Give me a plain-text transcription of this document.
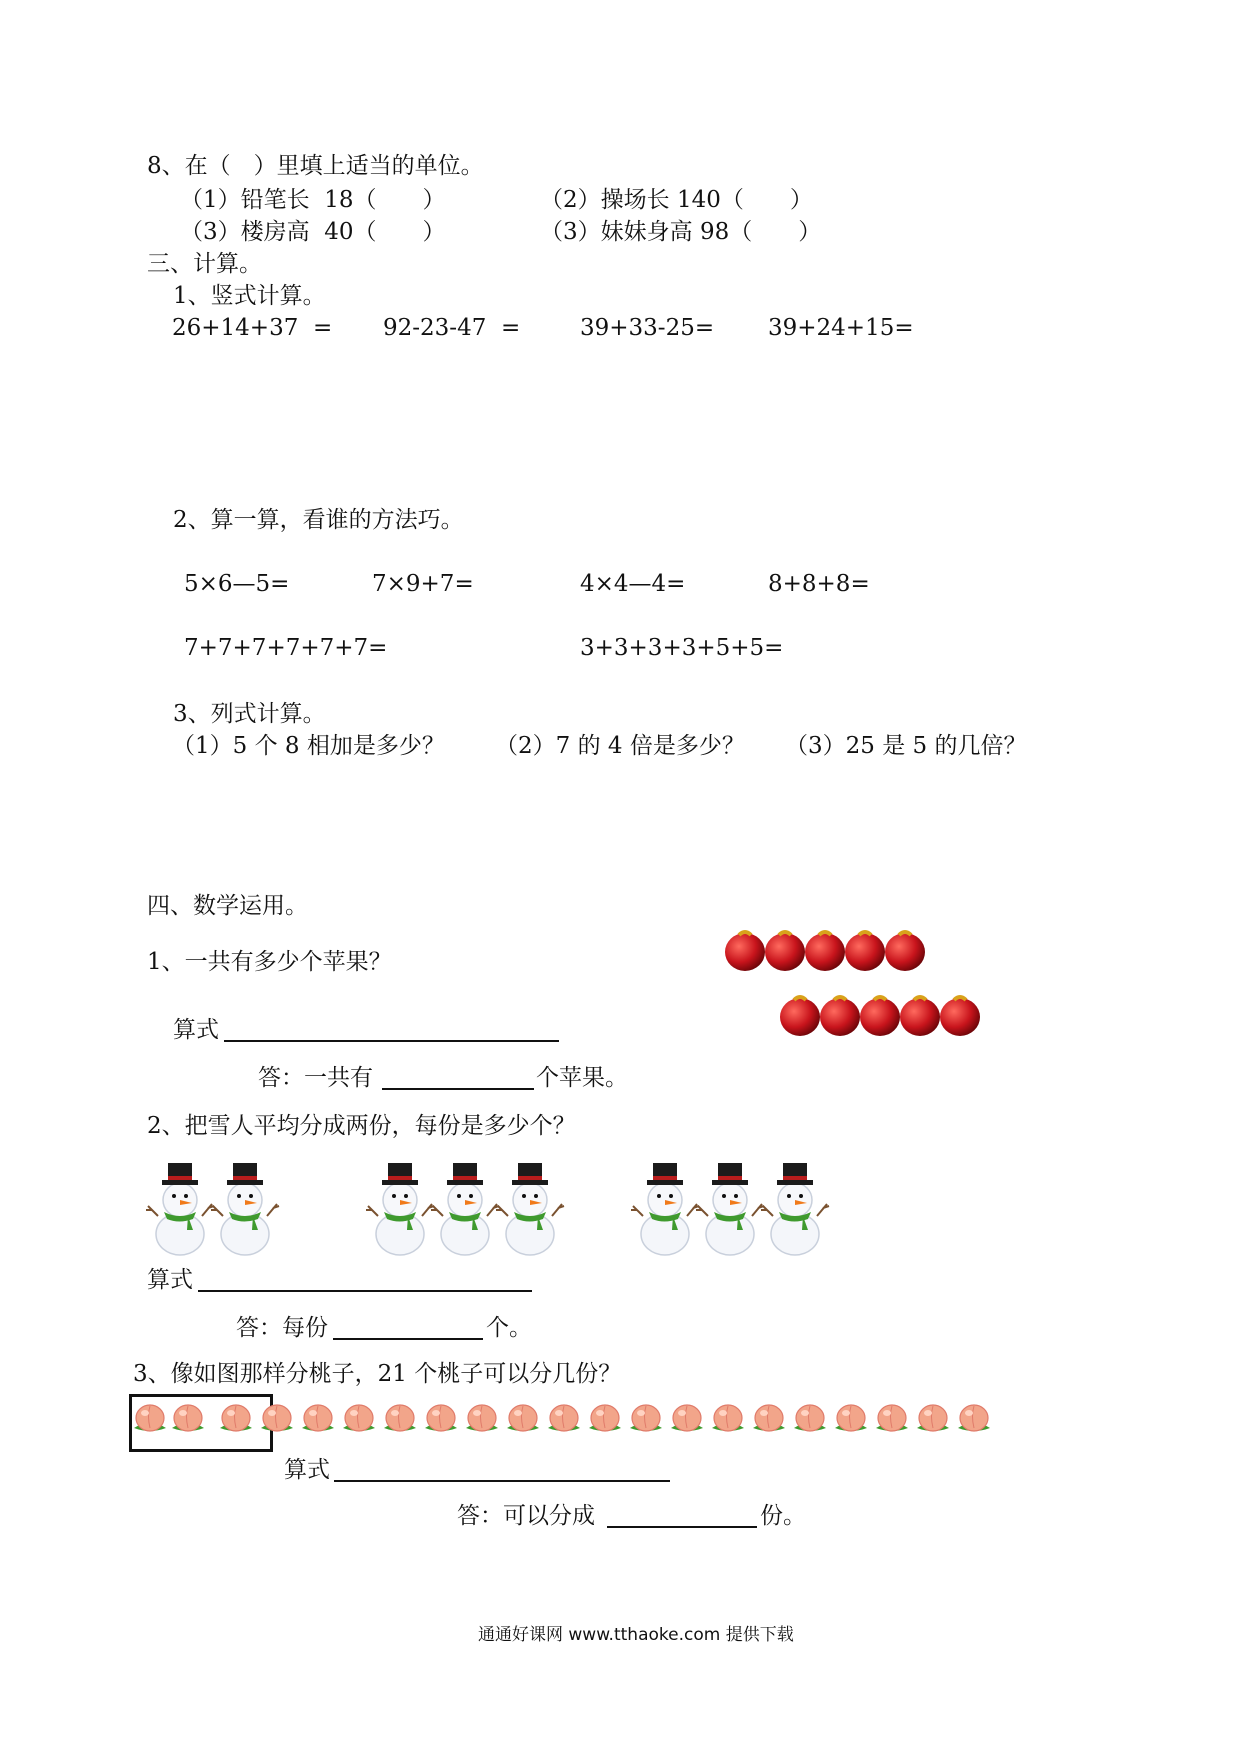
8、在（　）里填上适当的单位。
（1）铅笔长  18（　　）	（2）操场长 140（　　）
（3）楼房高  40（　　）	（3）妹妹身高 98（　　）
三、计算。
1、竖式计算。
26+14+37  = 92-23-47  =	39+33-25= 39+24+15=
2、算一算，看谁的方法巧。
5×6—5=	7×9+7=	4×4—4=	8+8+8=
7+7+7+7+7+7=	3+3+3+3+5+5=
3、列式计算。
（1）5 个 8 相加是多少？ （2）7 的 4 倍是多少？ （3）25 是 5 的几倍？
四、数学运用。
1、一共有多少个苹果？
算式
答：一共有	个苹果。
2、把雪人平均分成两份，每份是多少个？
算式
答：每份	个。
3、像如图那样分桃子，21 个桃子可以分几份？
算式
答：可以分成	份。
通通好课网 www.tthaoke.com 提供下载
